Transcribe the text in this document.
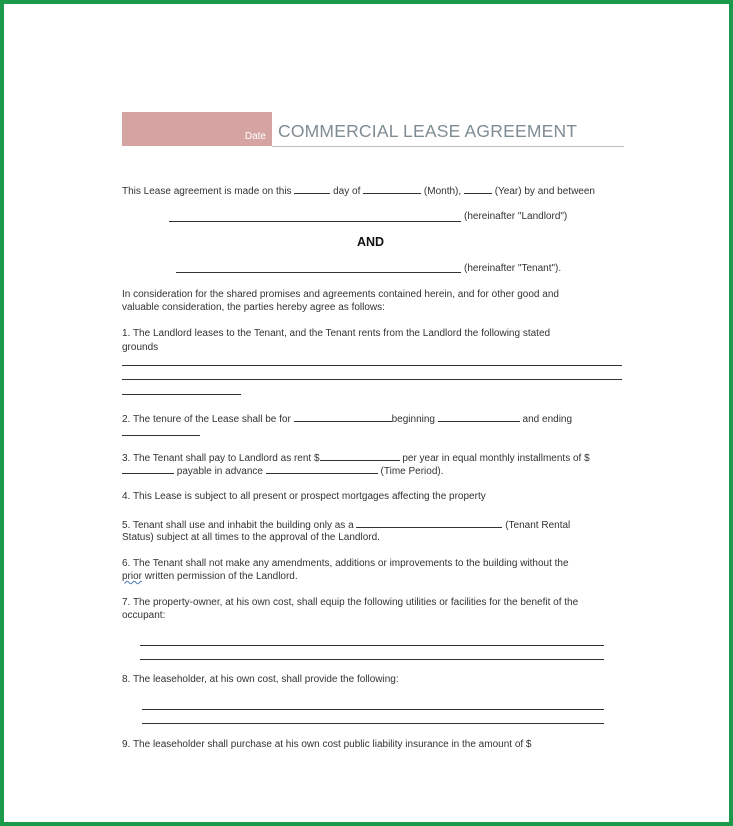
Date COMMERCIAL LEASE AGREEMENT
This Lease agreement is made on this	day of	(Month),	(Year) by and between
(hereinafter "Landlord")
AND
(hereinafter "Tenant").
In consideration for the shared promises and agreements contained herein, and for other good and
valuable consideration, the parties hereby agree as follows:
1. The Landlord leases to the Tenant, and the Tenant rents from the Landlord the following stated
grounds
2. The tenure of the Lease shall be for	beginning	and ending
3. The Tenant shall pay to Landlord as rent $	per year in equal monthly installments of $
payable in advance	(Time Period).
4. This Lease is subject to all present or prospect mortgages affecting the property
5. Tenant shall use and inhabit the building only as a	(Tenant Rental
Status) subject at all times to the approval of the Landlord.
6. The Tenant shall not make any amendments, additions or improvements to the building without the
prior written permission of the Landlord.
7. The property-owner, at his own cost, shall equip the following utilities or facilities for the benefit of the
occupant:
8. The leaseholder, at his own cost, shall provide the following:
9. The leaseholder shall purchase at his own cost public liability insurance in the amount of $
